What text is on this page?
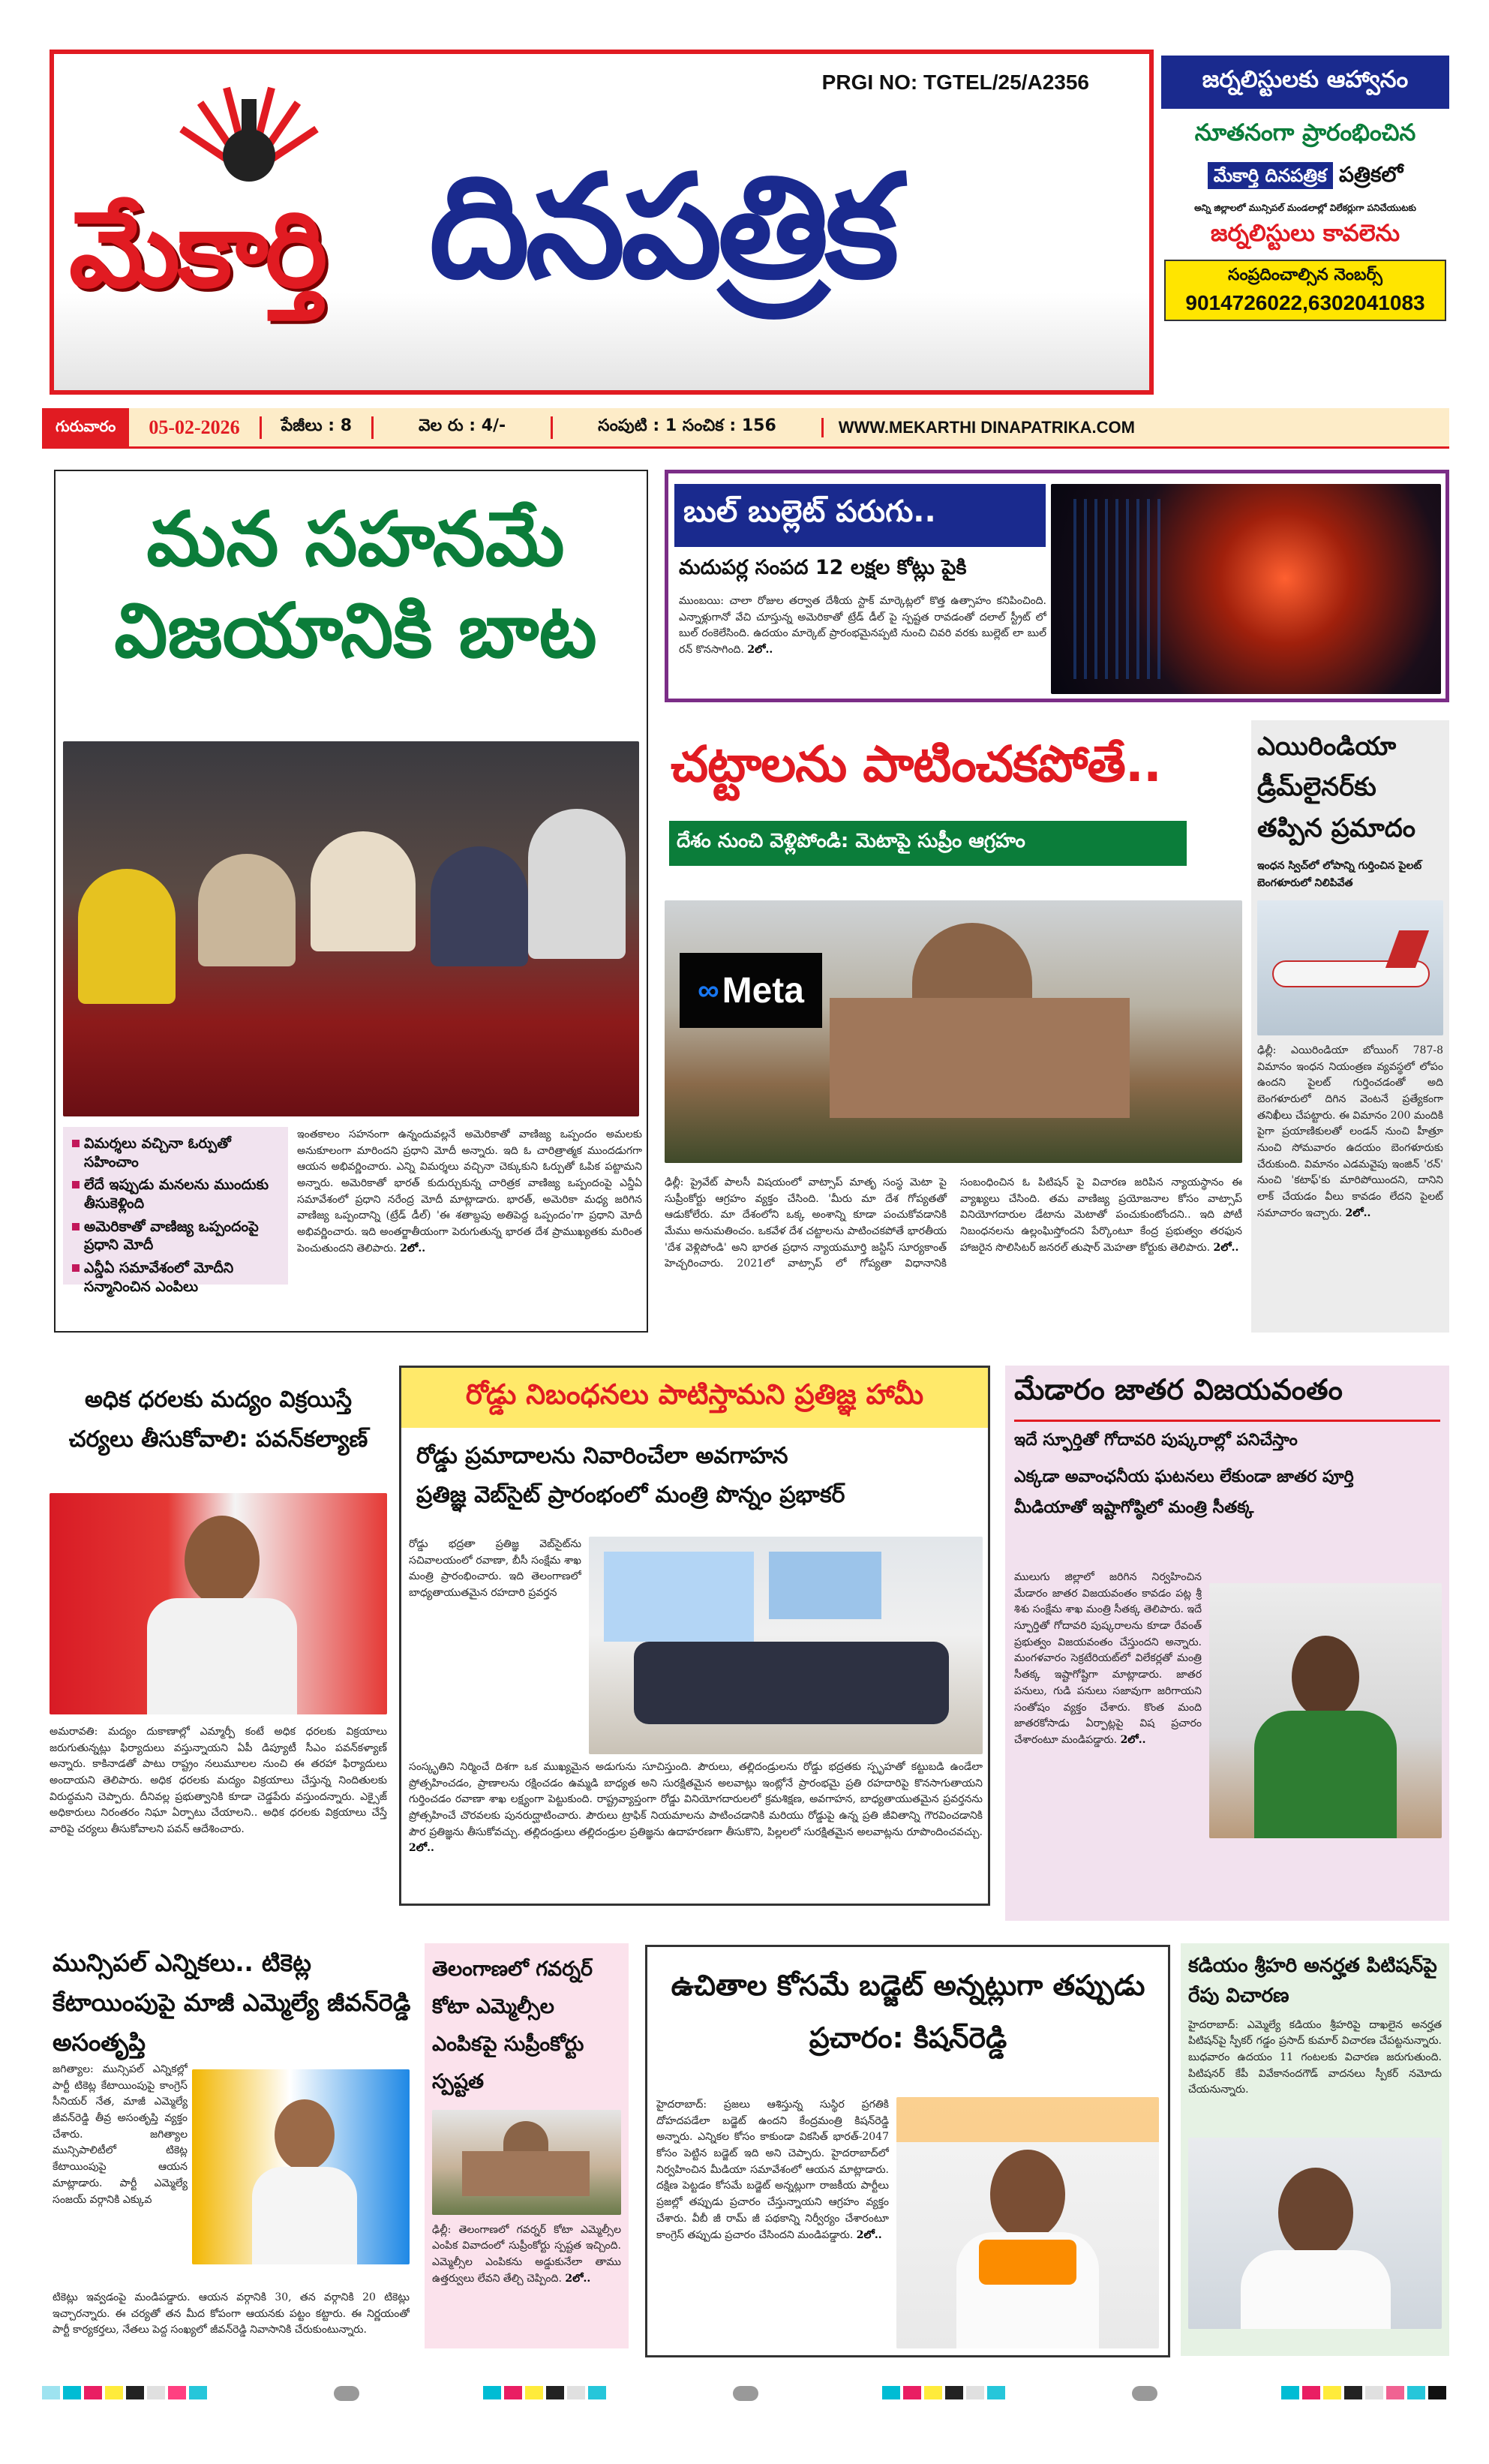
PRGI NO: TGTEL/25/A2356
మేకార్తి దినపత్రిక
జర్నలిస్టులకు ఆహ్వానం
నూతనంగా ప్రారంభించిన
మేకార్తి దినపత్రిక పత్రికలో
అన్ని జిల్లాలలో మున్సిపల్ మండలాల్లో విలేకర్లుగా పనిచేయుటకు
జర్నలిస్టులు కావలెను
సంప్రదించాల్సిన నెంబర్స్
9014726022,6302041083
గురువారం	05-02-2026	పేజీలు : 8	వెల రు : 4/-	సంపుటి : 1 సంచిక : 156	WWW.MEKARTHI DINAPATRIKA.COM
మన సహనమే విజయానికి బాట
విమర్శలు వచ్చినా ఓర్పుతో సహించాం
లేదే ఇప్పుడు మనలను ముందుకు తీసుకెళ్లింది
అమెరికాతో వాణిజ్య ఒప్పందంపై ప్రధాని మోదీ
ఎన్డీఏ సమావేశంలో మోదీని సన్మానించిన ఎంపిలు
ఇంతకాలం సహనంగా ఉన్నందువల్లనే అమెరికాతో వాణిజ్య ఒప్పందం అమలకు అనుకూలంగా మారిందని ప్రధాని మోదీ అన్నారు. ఇది ఓ చారిత్రాత్మక ముందడుగగా ఆయన అభివర్ణించారు. ఎన్ని విమర్శలు వచ్చినా చెక్కుకుని ఓర్పుతో ఓపిక పట్టామని అన్నారు. అమెరికాతో భారత్ కుదుర్చుకున్న చారిత్రక వాణిజ్య ఒప్పందంపై ఎన్డీఏ సమావేశంలో ప్రధాని నరేంద్ర మోదీ మాట్లాడారు. భారత్, అమెరికా మధ్య జరిగిన వాణిజ్య ఒప్పందాన్ని (ట్రేడ్ డీల్) 'ఈ శతాబ్దపు అతిపెద్ద ఒప్పందం'గా ప్రధాని మోదీ అభివర్ణించారు. ఇది అంతర్జాతీయంగా పెరుగుతున్న భారత దేశ ప్రాముఖ్యతకు మరింత పెంచుతుందని తెలిపారు. 2లో..
బుల్ బుల్లెట్ పరుగు..
మదుపర్ల సంపద 12 లక్షల కోట్లు పైకి
ముంబయి: చాలా రోజుల తర్వాత దేశీయ స్టాక్ మార్కెట్లలో కొత్త ఉత్సాహం కనిపించింది. ఎన్నాళ్లుగానో వేచి చూస్తున్న అమెరికాతో ట్రేడ్ డీల్ పై స్పష్టత రావడంతో దలాల్ స్ట్రీట్ లో బుల్ రంకెలేసింది. ఉదయం మార్కెట్ ప్రారంభమైనప్పటి నుంచి చివరి వరకు బుల్లెట్ లా బుల్ రన్ కొనసాగింది. 2లో..
చట్టాలను పాటించకపోతే..
దేశం నుంచి వెళ్లిపోండి: మెటాపై సుప్రీం ఆగ్రహం
∞ Meta
ఢిల్లీ: ప్రైవేట్ పాలసీ విషయంలో వాట్సాప్ మాతృ సంస్థ మెటా పై సుప్రీంకోర్టు ఆగ్రహం వ్యక్తం చేసింది. 'మీరు మా దేశ గోప్యతతో ఆడుకోలేరు. మా దేశంలోని ఒక్క అంశాన్ని కూడా పంచుకోవడానికి మేము అనుమతించం. ఒకవేళ దేశ చట్టాలను పాటించకపోతే భారతీయ 'దేశ వెళ్లిపోండి' అని భారత ప్రధాన న్యాయమూర్తి జస్టిస్ సూర్యకాంత్ హెచ్చరించారు. 2021లో వాట్సాప్ లో గోప్యతా విధానానికి సంబంధించిన ఓ పిటిషన్ పై విచారణ జరిపిన న్యాయస్థానం ఈ వ్యాఖ్యలు చేసింది. తమ వాణిజ్య ప్రయోజనాల కోసం వాట్సాప్ వినియోగదారుల డేటాను మెటాతో పంచుకుంటోందని.. ఇది పోటీ నిబంధనలను ఉల్లంఘిస్తోందని పేర్కొంటూ కేంద్ర ప్రభుత్వం తరఫున హాజరైన సొలిసిటర్ జనరల్ తుషార్ మెహతా కోర్టుకు తెలిపారు. 2లో..
ఎయిరిండియా డ్రీమ్‌లైనర్‌కు తప్పిన ప్రమాదం
ఇంధన స్విచ్‌లో లోపాన్ని గుర్తించిన పైలట్ బెంగళూరులో నిలిపివేత
ఢిల్లీ: ఎయిరిండియా బోయింగ్ 787-8 విమానం ఇంధన నియంత్రణ వ్యవస్థలో లోపం ఉందని పైలట్ గుర్తించడంతో అది బెంగళూరులో దిగిన వెంటనే ప్రత్యేకంగా తనిఖీలు చేపట్టారు. ఈ విమానం 200 మందికి పైగా ప్రయాణికులతో లండన్ నుంచి హీత్రూ నుంచి సోమవారం ఉదయం బెంగళూరుకు చేరుకుంది. విమానం ఎడమవైపు ఇంజిన్ 'రన్' నుంచి 'కటాఫ్'కు మారిపోయిందని, దానిని లాక్ చేయడం వీలు కావడం లేదని పైలట్ సమాచారం ఇచ్చారు. 2లో..
అధిక ధరలకు మద్యం విక్రయిస్తే చర్యలు తీసుకోవాలి: పవన్‌కల్యాణ్
అమరావతి: మద్యం దుకాణాల్లో ఎమ్మార్పీ కంటే అధిక ధరలకు విక్రయాలు జరుగుతున్నట్లు ఫిర్యాదులు వస్తున్నాయని ఏపీ డిప్యూటీ సీఎం పవన్‌కళ్యాణ్ అన్నారు. కాకినాడతో పాటు రాష్ట్రం నలుమూలల నుంచి ఈ తరహా ఫిర్యాదులు అందాయని తెలిపారు. అధిక ధరలకు మద్యం విక్రయాలు చేస్తున్న నిందితులకు విరుద్ధమని చెప్పారు. దీనివల్ల ప్రభుత్వానికి కూడా చెడ్డపేరు వస్తుందన్నారు. ఎక్సైజ్ అధికారులు నిరంతరం నిఘా ఏర్పాటు చేయాలని.. అధిక ధరలకు విక్రయాలు చేస్తే వారిపై చర్యలు తీసుకోవాలని పవన్ ఆదేశించారు.
రోడ్డు నిబంధనలు పాటిస్తామని ప్రతిజ్ఞ హామీ
రోడ్డు ప్రమాదాలను నివారించేలా అవగాహన
ప్రతిజ్ఞ వెబ్‌సైట్ ప్రారంభంలో మంత్రి పొన్నం ప్రభాకర్
రోడ్డు భద్రతా ప్రతిజ్ఞ వెబ్‌సైట్‌ను సచివాలయంలో రవాణా, బీసీ సంక్షేమ శాఖ మంత్రి ప్రారంభించారు. ఇది తెలంగాణలో బాధ్యతాయుతమైన రహదారి ప్రవర్తన
సంస్కృతిని నిర్మించే దిశగా ఒక ముఖ్యమైన అడుగును సూచిస్తుంది. పౌరులు, తల్లిదండ్రులను రోడ్డు భద్రతకు స్పృహతో కట్టుబడి ఉండేలా ప్రోత్సహించడం, ప్రాణాలను రక్షించడం ఉమ్మడి బాధ్యత అని సురక్షితమైన అలవాట్లు ఇంట్లోనే ప్రారంభమై ప్రతి రహదారిపై కొనసాగుతాయని గుర్తించడం రవాణా శాఖ లక్ష్యంగా పెట్టుకుంది. రాష్ట్రవ్యాప్తంగా రోడ్డు వినియోగదారులలో క్రమశిక్షణ, అవగాహన, బాధ్యతాయుతమైన ప్రవర్తనను ప్రోత్సహించే చొరవలకు పునరుద్ఘాటించారు. పౌరులు ట్రాఫిక్ నియమాలను పాటించడానికి మరియు రోడ్డుపై ఉన్న ప్రతి జీవితాన్ని గౌరవించడానికి పౌర ప్రతిజ్ఞను తీసుకోవచ్చు. తల్లిదండ్రులు తల్లిదండ్రుల ప్రతిజ్ఞను ఉదాహరణగా తీసుకొని, పిల్లలలో సురక్షితమైన అలవాట్లను రూపొందించవచ్చు. 2లో..
మేడారం జాతర విజయవంతం
ఇదే స్ఫూర్తితో గోదావరి పుష్కరాల్లో పనిచేస్తాం
ఎక్కడా అవాంఛనీయ ఘటనలు లేకుండా జాతర పూర్తి
మీడియాతో ఇష్టాగోష్ఠిలో మంత్రి సీతక్క
ములుగు జిల్లాలో జరిగిన నిర్వహించిన మేడారం జాతర విజయవంతం కావడం పట్ల శ్రీ శిశు సంక్షేమ శాఖ మంత్రి సీతక్క తెలిపారు. ఇదే స్ఫూర్తితో గోదావరి పుష్కరాలను కూడా రేవంత్ ప్రభుత్వం విజయవంతం చేస్తుందని అన్నారు. మంగళవారం సెక్రటేరియట్‌లో విలేకర్లతో మంత్రి సీతక్క ఇష్టాగోష్టిగా మాట్లాడారు. జాతర పనులు, గుడి పనులు సజావుగా జరిగాయని సంతోషం వ్యక్తం చేశారు. కొంత మంది జాతరకోసాడు ఏర్పాట్లపై విష ప్రచారం చేశారంటూ మండిపడ్డారు. 2లో..
మున్సిపల్ ఎన్నికలు.. టికెట్ల కేటాయింపుపై మాజీ ఎమ్మెల్యే జీవన్‌రెడ్డి అసంతృప్తి
జగిత్యాల: మున్సిపల్ ఎన్నికల్లో పార్టీ టికెట్ల కేటాయింపుపై కాంగ్రెస్ సీనియర్ నేత, మాజీ ఎమ్మెల్యే జీవన్‌రెడ్డి తీవ్ర అసంతృప్తి వ్యక్తం చేశారు. జగిత్యాల మున్సిపాలిటీలో టికెట్ల కేటాయింపుపై ఆయన మాట్లాడారు. పార్టీ ఎమ్మెల్యే సంజయ్ వర్గానికి ఎక్కువ
టికెట్లు ఇవ్వడంపై మండిపడ్డారు. ఆయన వర్గానికి 30, తన వర్గానికి 20 టికెట్లు ఇచ్చారన్నారు. ఈ చర్యతో తన మీద కోపంగా ఆయనకు పట్టం కట్టారు. ఈ నిర్ణయంతో పార్టీ కార్యకర్తలు, నేతలు పెద్ద సంఖ్యలో జీవన్‌రెడ్డి నివాసానికి చేరుకుంటున్నారు.
తెలంగాణలో గవర్నర్ కోటా ఎమ్మెల్సీల ఎంపికపై సుప్రీంకోర్టు స్పష్టత
ఢిల్లీ: తెలంగాణలో గవర్నర్ కోటా ఎమ్మెల్సీల ఎంపిక వివాదంలో సుప్రీంకోర్టు స్పష్టత ఇచ్చింది. ఎమ్మెల్సీల ఎంపికను అడ్డుకునేలా తాము ఉత్తర్వులు లేవని తేల్చి చెప్పింది. 2లో..
ఉచితాల కోసమే బడ్జెట్ అన్నట్లుగా తప్పుడు ప్రచారం: కిషన్‌రెడ్డి
హైదరాబాద్: ప్రజలు ఆశిస్తున్న సుస్థిర ప్రగతికి దోహదపడేలా బడ్జెట్ ఉందని కేంద్రమంత్రి కిషన్‌రెడ్డి అన్నారు. ఎన్నికల కోసం కాకుండా వికసిత్ భారత్-2047 కోసం పెట్టిన బడ్జెట్ ఇది అని చెప్పారు. హైదరాబాద్‌లో నిర్వహించిన మీడియా సమావేశంలో ఆయన మాట్లాడారు. దక్షిణ పెట్టడం కోసమే బడ్జెట్ అన్నట్లుగా రాజకీయ పార్టీలు ప్రజల్లో తప్పుడు ప్రచారం చేస్తున్నాయని ఆగ్రహం వ్యక్తం చేశారు. వీబీ జీ రామ్ జీ పథకాన్ని నిర్వీర్యం చేశారంటూ కాంగ్రెస్ తప్పుడు ప్రచారం చేసిందని మండిపడ్డారు. 2లో..
కడియం శ్రీహరి అనర్హత పిటిషన్‌పై రేపు విచారణ
హైదరాబాద్: ఎమ్మెల్యే కడియం శ్రీహరిపై దాఖలైన అనర్హత పిటిషన్‌పై స్పీకర్ గడ్డం ప్రసాద్ కుమార్ విచారణ చేపట్టనున్నారు. బుధవారం ఉదయం 11 గంటలకు విచారణ జరుగుతుంది. పిటిషనర్ కేపీ వివేకానందగౌడ్ వాదనలు స్పీకర్ నమోదు చేయనున్నారు.
